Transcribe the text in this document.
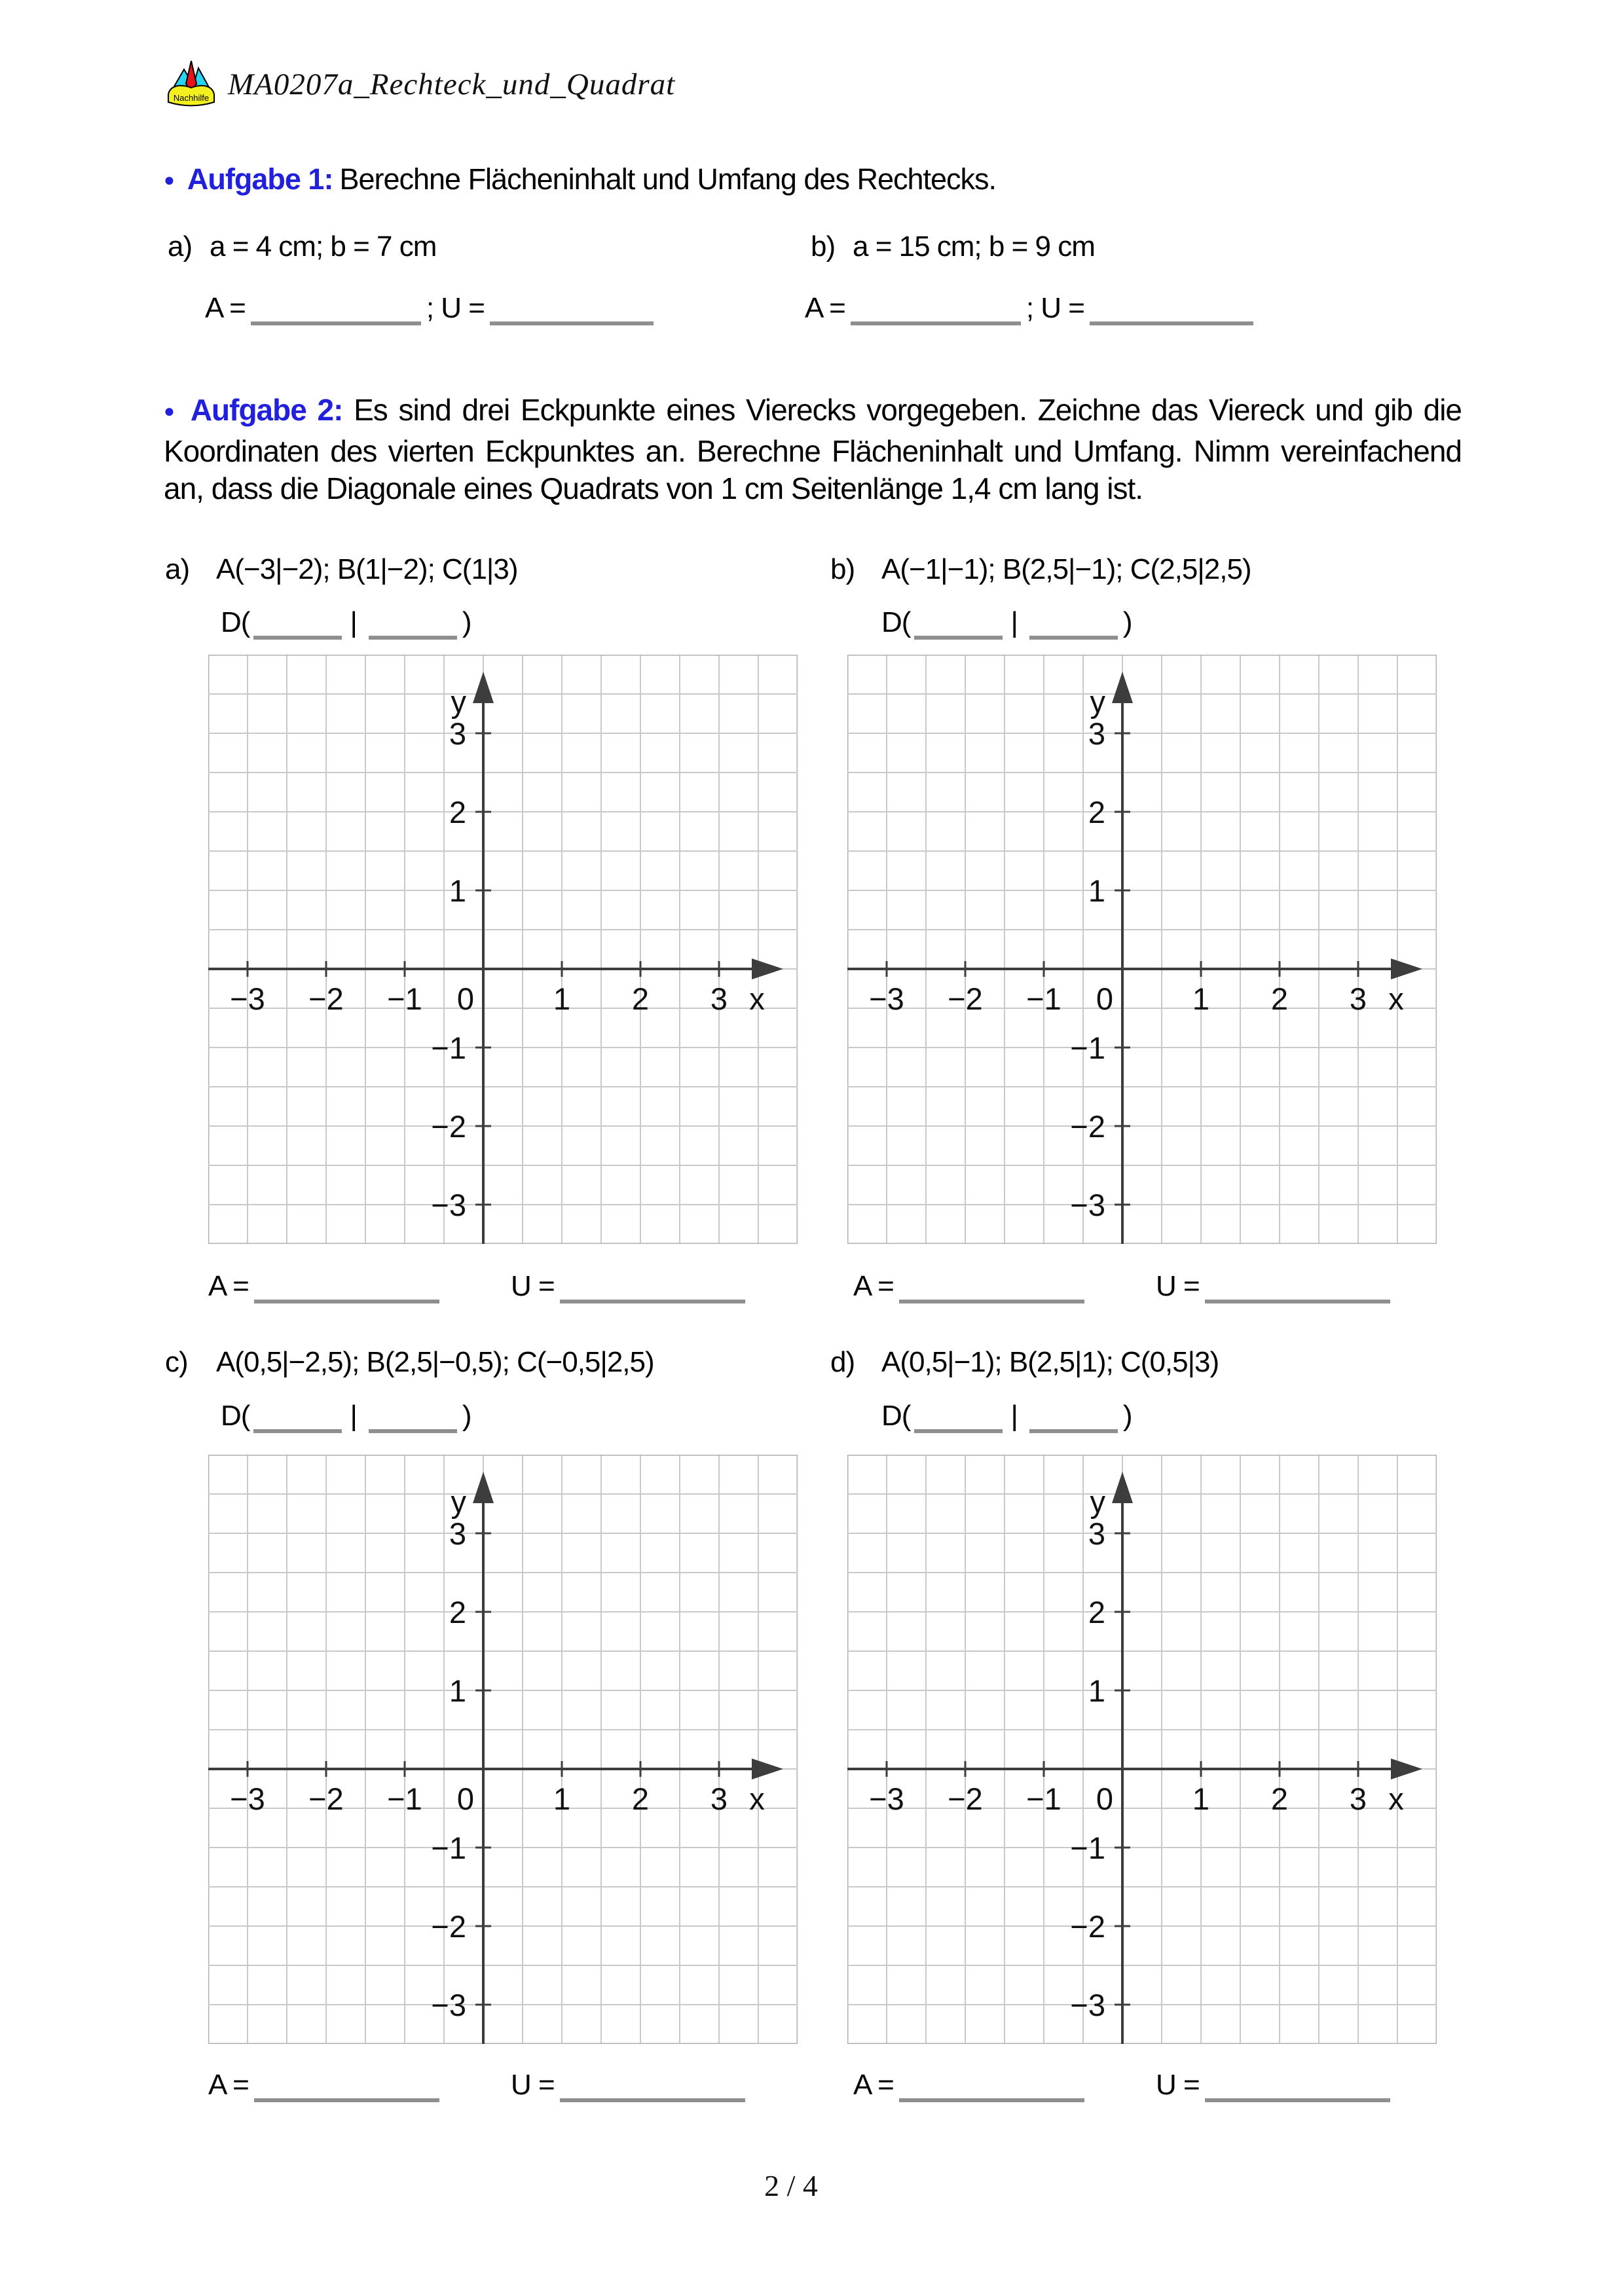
Nachhilfe MA0207a_Rechteck_und_Quadrat
● Aufgabe 1: Berechne Flächeninhalt und Umfang des Rechtecks.
a) a = 4 cm; b = 7 cm	b) a = 15 cm; b = 9 cm
A =	; U =	A =	; U =

● Aufgabe 2: Es sind drei Eckpunkte eines Vierecks vorgegeben. Zeichne das Viereck und gib die Koordinaten des vierten Eckpunktes an. Berechne Flächeninhalt und Umfang. Nimm vereinfachend an, dass die Diagonale eines Quadrats von 1 cm Seitenlänge 1,4 cm lang ist.

a) A(−3|−2); B(1|−2); C(1|3)	b) A(−1|−1); B(2,5|−1); C(2,5|2,5)
D(	|	)	D(	|	)
−3 −2 −1	1 2 3
3
2
1
−1
−2
−3
0	x
y
−3 −2 −1	1 2 3
3
2
1
−1
−2
−3
0	x
y
A =	U =	A =	U =
c) A(0,5|−2,5); B(2,5|−0,5); C(−0,5|2,5)	d) A(0,5|−1); B(2,5|1); C(0,5|3)
D(	|	)	D(	|	)
−3 −2 −1	1 2 3
3
2
1
−1
−2
−3
0	x
y
−3 −2 −1	1 2 3
3
2
1
−1
−2
−3
0	x
y
A =	U =	A =	U =
2 / 4
